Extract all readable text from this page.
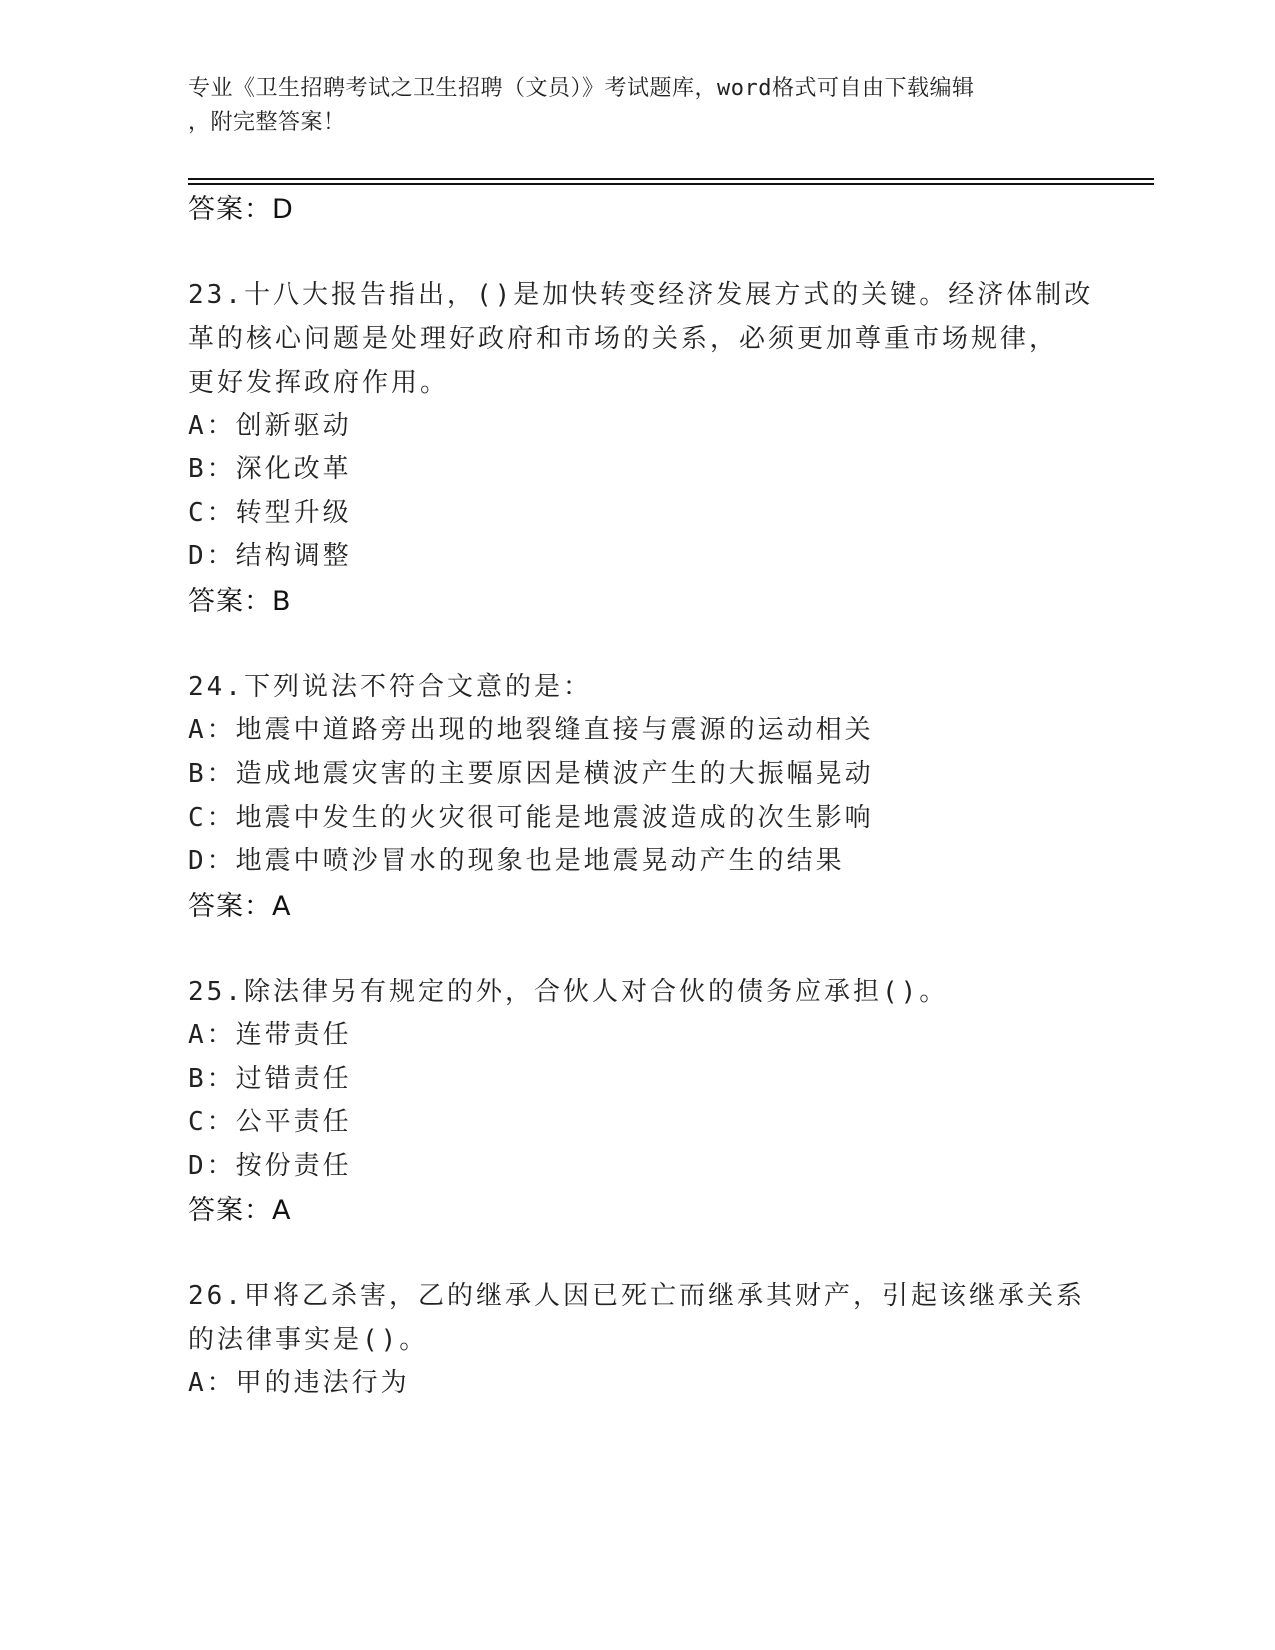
专业《卫生招聘考试之卫生招聘（文员）》考试题库，word格式可自由下载编辑
，附完整答案！
答案：D
23.十八大报告指出，()是加快转变经济发展方式的关键。经济体制改
革的核心问题是处理好政府和市场的关系，必须更加尊重市场规律，
更好发挥政府作用。
A：创新驱动
B：深化改革
C：转型升级
D：结构调整
答案：B
24.下列说法不符合文意的是：
A：地震中道路旁出现的地裂缝直接与震源的运动相关
B：造成地震灾害的主要原因是横波产生的大振幅晃动
C：地震中发生的火灾很可能是地震波造成的次生影响
D：地震中喷沙冒水的现象也是地震晃动产生的结果
答案：A
25.除法律另有规定的外，合伙人对合伙的债务应承担()。
A：连带责任
B：过错责任
C：公平责任
D：按份责任
答案：A
26.甲将乙杀害，乙的继承人因已死亡而继承其财产，引起该继承关系
的法律事实是()。
A：甲的违法行为
